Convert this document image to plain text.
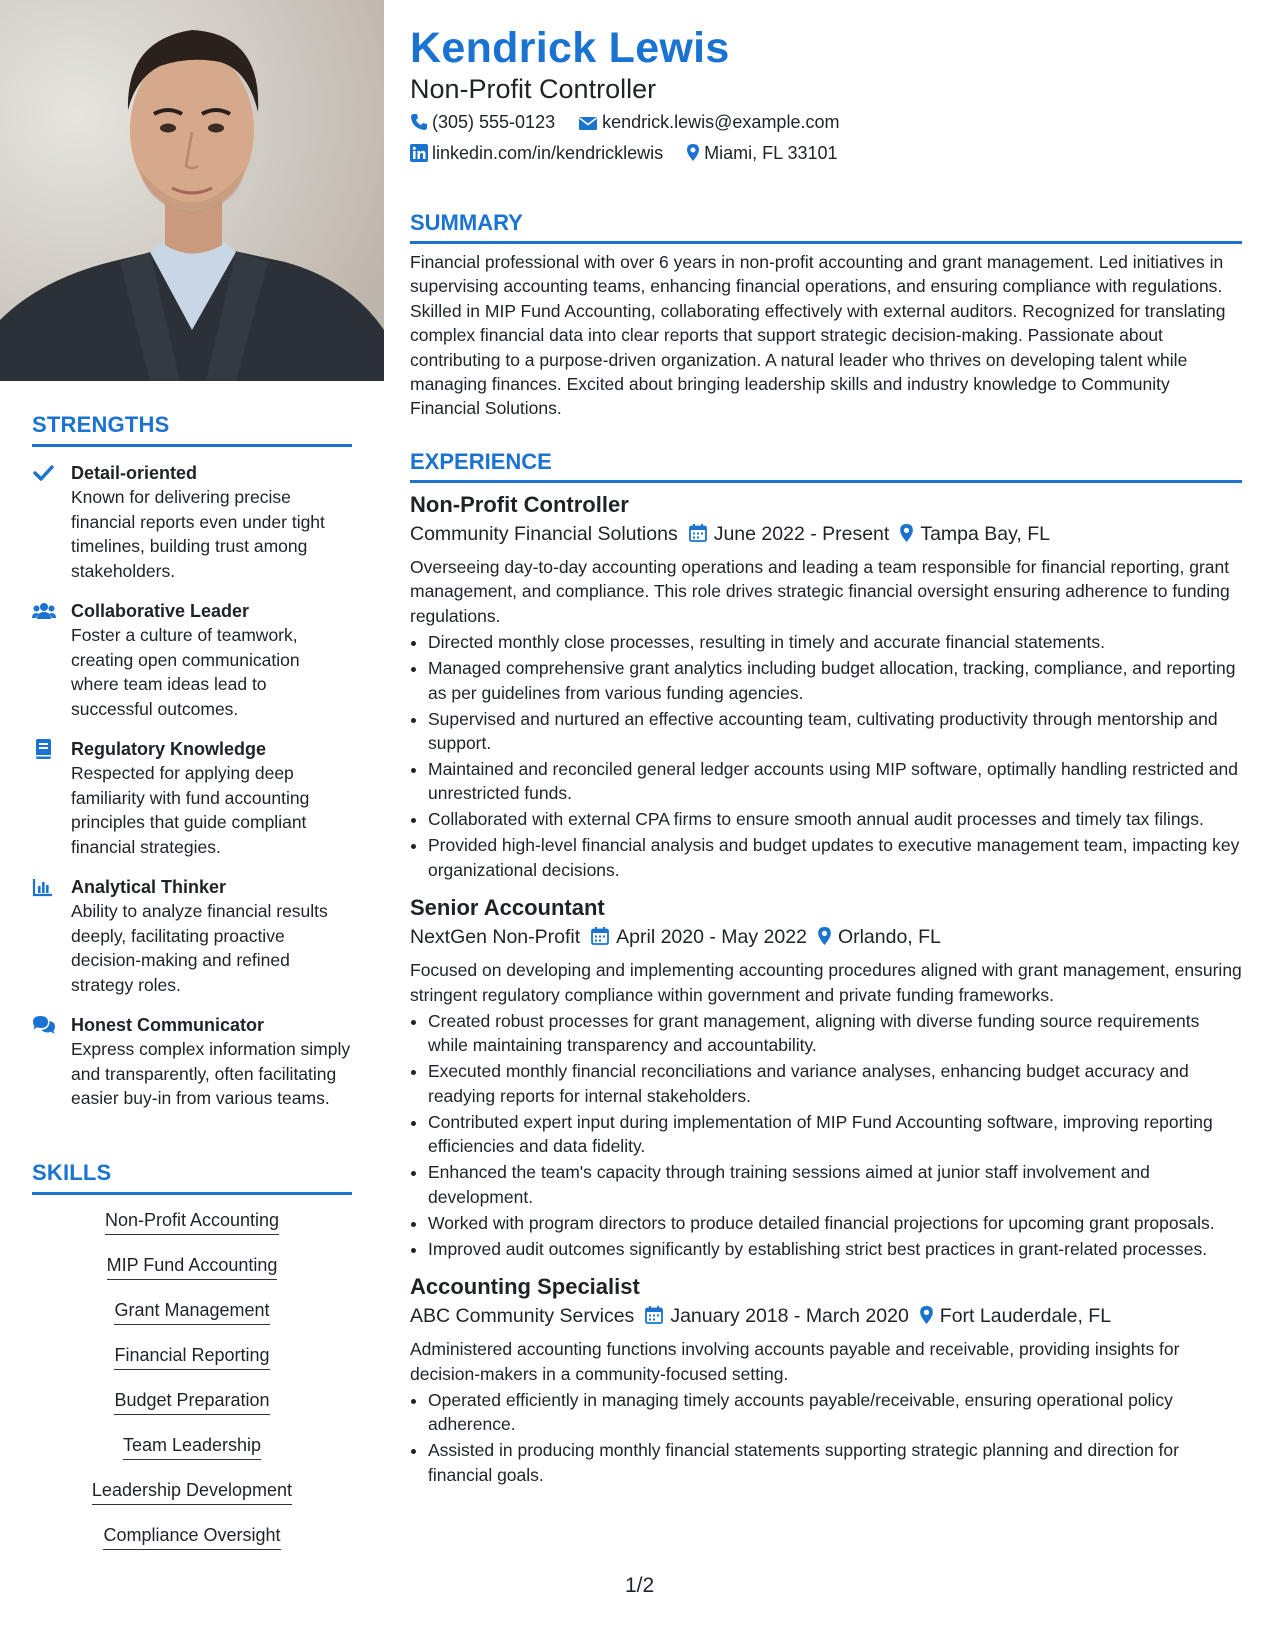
STRENGTHS
Detail-oriented
Known for delivering precise financial reports even under tight timelines, building trust among stakeholders.
Collaborative Leader
Foster a culture of teamwork, creating open communication where team ideas lead to successful outcomes.
Regulatory Knowledge
Respected for applying deep familiarity with fund accounting principles that guide compliant financial strategies.
Analytical Thinker
Ability to analyze financial results deeply, facilitating proactive decision-making and refined strategy roles.
Honest Communicator
Express complex information simply and transparently, often facilitating easier buy-in from various teams.
SKILLS
Non-Profit Accounting
MIP Fund Accounting
Grant Management
Financial Reporting
Budget Preparation
Team Leadership
Leadership Development
Compliance Oversight
Kendrick Lewis
Non-Profit Controller
(305) 555-0123	kendrick.lewis@example.com
linkedin.com/in/kendricklewis Miami, FL 33101
SUMMARY

Financial professional with over 6 years in non-profit accounting and grant management. Led initiatives in supervising accounting teams, enhancing financial operations, and ensuring compliance with regulations. Skilled in MIP Fund Accounting, collaborating effectively with external auditors. Recognized for translating complex financial data into clear reports that support strategic decision-making. Passionate about contributing to a purpose-driven organization. A natural leader who thrives on developing talent while managing finances. Excited about bringing leadership skills and industry knowledge to Community Financial Solutions.

EXPERIENCE
Non-Profit Controller
Community Financial Solutions June 2022 - Present Tampa Bay, FL

Overseeing day-to-day accounting operations and leading a team responsible for financial reporting, grant management, and compliance. This role drives strategic financial oversight ensuring adherence to funding regulations.

• Directed monthly close processes, resulting in timely and accurate financial statements.
• Managed comprehensive grant analytics including budget allocation, tracking, compliance, and reporting as per guidelines from various funding agencies.
• Supervised and nurtured an effective accounting team, cultivating productivity through mentorship and support.
• Maintained and reconciled general ledger accounts using MIP software, optimally handling restricted and unrestricted funds.
• Collaborated with external CPA firms to ensure smooth annual audit processes and timely tax filings.
• Provided high-level financial analysis and budget updates to executive management team, impacting key organizational decisions.
Senior Accountant
NextGen Non-Profit April 2020 - May 2022 Orlando, FL

Focused on developing and implementing accounting procedures aligned with grant management, ensuring stringent regulatory compliance within government and private funding frameworks.

• Created robust processes for grant management, aligning with diverse funding source requirements while maintaining transparency and accountability.
• Executed monthly financial reconciliations and variance analyses, enhancing budget accuracy and readying reports for internal stakeholders.
• Contributed expert input during implementation of MIP Fund Accounting software, improving reporting efficiencies and data fidelity.
• Enhanced the team's capacity through training sessions aimed at junior staff involvement and development.
• Worked with program directors to produce detailed financial projections for upcoming grant proposals.
• Improved audit outcomes significantly by establishing strict best practices in grant-related processes.
Accounting Specialist
ABC Community Services January 2018 - March 2020 Fort Lauderdale, FL

Administered accounting functions involving accounts payable and receivable, providing insights for decision-makers in a community-focused setting.

• Operated efficiently in managing timely accounts payable/receivable, ensuring operational policy adherence.
• Assisted in producing monthly financial statements supporting strategic planning and direction for financial goals.
1/2
